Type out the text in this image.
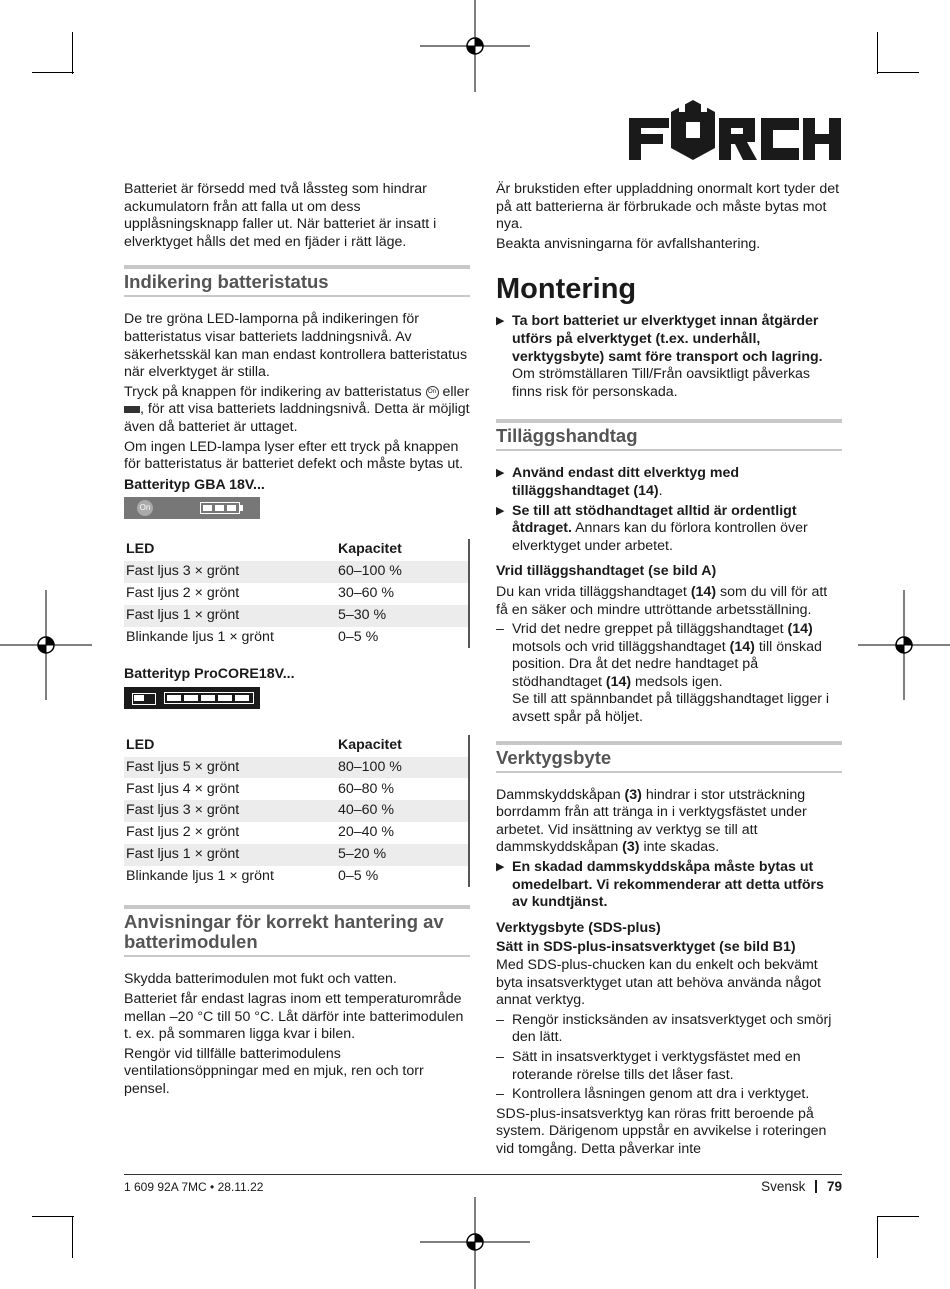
Batteriet är försedd med två låssteg som hindrar ackumulatorn från att falla ut om dess upplåsningsknapp faller ut. När batteriet är insatt i elverktyget hålls det med en fjäder i rätt läge.

Indikering batteristatus

De tre gröna LED-lamporna på indikeringen för batteristatus visar batteriets laddningsnivå. Av säkerhetsskäl kan man endast kontrollera batteristatus när elverktyget är stilla.

Tryck på knappen för indikering av batteristatus On eller , för att visa batteriets laddningsnivå. Detta är möjligt även då batteriet är uttaget.

Om ingen LED-lampa lyser efter ett tryck på knappen för batteristatus är batteriet defekt och måste bytas ut.

Batterityp GBA 18V...
On
LED	Kapacitet
Fast ljus 3 × grönt	60–100 %
Fast ljus 2 × grönt	30–60 %
Fast ljus 1 × grönt	5–30 %
Blinkande ljus 1 × grönt	0–5 %
Batterityp ProCORE18V...
LED	Kapacitet
Fast ljus 5 × grönt	80–100 %
Fast ljus 4 × grönt	60–80 %
Fast ljus 3 × grönt	40–60 %
Fast ljus 2 × grönt	20–40 %
Fast ljus 1 × grönt	5–20 %
Blinkande ljus 1 × grönt	0–5 %
Anvisningar för korrekt hantering av batterimodulen

Skydda batterimodulen mot fukt och vatten.

Batteriet får endast lagras inom ett temperaturområde mellan –20 °C till 50 °C. Låt därför inte batterimodulen t. ex. på sommaren ligga kvar i bilen.

Rengör vid tillfälle batterimodulens ventilationsöppningar med en mjuk, ren och torr pensel.

Är brukstiden efter uppladdning onormalt kort tyder det på att batterierna är förbrukade och måste bytas mot nya.

Beakta anvisningarna för avfallshantering.

Montering
▶ Ta bort batteriet ur elverktyget innan åtgärder utförs på elverktyget (t.ex. underhåll, verktygsbyte) samt före transport och lagring. Om strömställaren Till/Från oavsiktligt påverkas finns risk för personskada.
Tilläggshandtag
▶ Använd endast ditt elverktyg med tilläggshandtaget (14).
▶ Se till att stödhandtaget alltid är ordentligt åtdraget. Annars kan du förlora kontrollen över elverktyget under arbetet.
Vrid tilläggshandtaget (se bild A)

Du kan vrida tilläggshandtaget (14) som du vill för att få en säker och mindre uttröttande arbetsställning.

– Vrid det nedre greppet på tilläggshandtaget (14) motsols och vrid tilläggshandtaget (14) till önskad position. Dra åt det nedre handtaget på stödhandtaget (14) medsols igen.
Se till att spännbandet på tilläggshandtaget ligger i avsett spår på höljet.
Verktygsbyte

Dammskyddskåpan (3) hindrar i stor utsträckning borrdamm från att tränga in i verktygsfästet under arbetet. Vid insättning av verktyg se till att dammskyddskåpan (3) inte skadas.

▶ En skadad dammskyddskåpa måste bytas ut omedelbart. Vi rekommenderar att detta utförs av kundtjänst.
Verktygsbyte (SDS-plus)
Sätt in SDS-plus-insatsverktyget (se bild B1)

Med SDS-plus-chucken kan du enkelt och bekvämt byta insatsverktyget utan att behöva använda något annat verktyg.

– Rengör insticksänden av insatsverktyget och smörj den lätt.
– Sätt in insatsverktyget i verktygsfästet med en roterande rörelse tills det låser fast.
– Kontrollera låsningen genom att dra i verktyget.

SDS-plus-insatsverktyg kan röras fritt beroende på system. Därigenom uppstår en avvikelse i roteringen vid tomgång. Detta påverkar inte

1 609 92A 7MC • 28.11.22	Svensk 79
